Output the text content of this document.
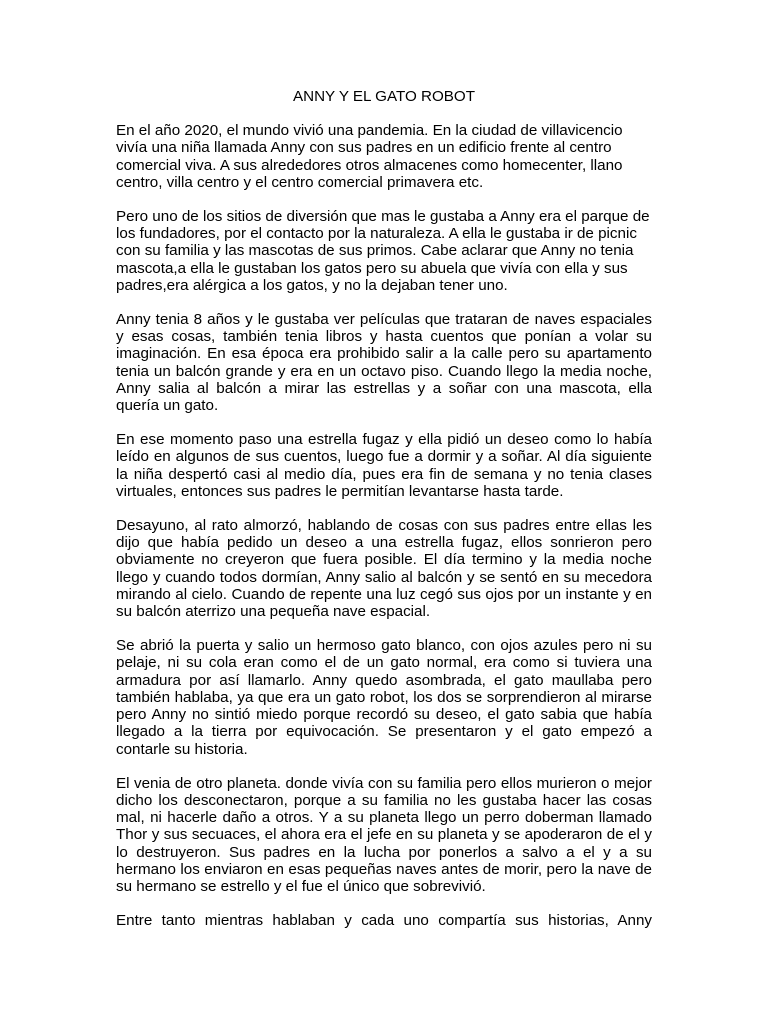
ANNY Y EL GATO ROBOT

En el año 2020, el mundo vivió una pandemia. En la ciudad de villavicencio vivía una niña llamada Anny con sus padres en un edificio frente al centro comercial viva. A sus alrededores otros almacenes como homecenter, llano centro, villa centro y el centro comercial primavera etc.

Pero uno de los sitios de diversión que mas le gustaba a Anny era el parque de los fundadores, por el contacto por la naturaleza. A ella le gustaba ir de picnic con su familia y las mascotas de sus primos. Cabe aclarar que Anny no tenia mascota,a ella le gustaban los gatos pero su abuela que vivía con ella y sus padres,era alérgica a los gatos, y no la dejaban tener uno.

Anny tenia 8 años y le gustaba ver películas que trataran de naves espaciales y esas cosas, también tenia libros y hasta cuentos que ponían a volar su imaginación. En esa época era prohibido salir a la calle pero su apartamento tenia un balcón grande y era en un octavo piso. Cuando llego la media noche, Anny salia al balcón a mirar las estrellas y a soñar con una mascota, ella quería un gato.

En ese momento paso una estrella fugaz y ella pidió un deseo como lo había leído en algunos de sus cuentos, luego fue a dormir y a soñar. Al día siguiente la niña despertó casi al medio día, pues era fin de semana y no tenia clases virtuales, entonces sus padres le permitían levantarse hasta tarde.

Desayuno, al rato almorzó, hablando de cosas con sus padres entre ellas les dijo que había pedido un deseo a una estrella fugaz, ellos sonrieron pero obviamente no creyeron que fuera posible. El día termino y la media noche llego y cuando todos dormían, Anny salio al balcón y se sentó en su mecedora mirando al cielo. Cuando de repente una luz cegó sus ojos por un instante y en su balcón aterrizo una pequeña nave espacial.

Se abrió la puerta y salio un hermoso gato blanco, con ojos azules pero ni su pelaje, ni su cola eran como el de un gato normal, era como si tuviera una armadura por así llamarlo. Anny quedo asombrada, el gato maullaba pero también hablaba, ya que era un gato robot, los dos se sorprendieron al mirarse pero Anny no sintió miedo porque recordó su deseo, el gato sabia que había llegado a la tierra por equivocación. Se presentaron y el gato empezó a contarle su historia.

El venia de otro planeta. donde vivía con su familia pero ellos murieron o mejor dicho los desconectaron, porque a su familia no les gustaba hacer las cosas mal, ni hacerle daño a otros. Y a su planeta llego un perro doberman llamado Thor y sus secuaces, el ahora era el jefe en su planeta y se apoderaron de el y lo destruyeron. Sus padres en la lucha por ponerlos a salvo a el y a su hermano los enviaron en esas pequeñas naves antes de morir, pero la nave de su hermano se estrello y el fue el único que sobrevivió.

Entre tanto mientras hablaban y cada uno compartía sus historias, Anny
